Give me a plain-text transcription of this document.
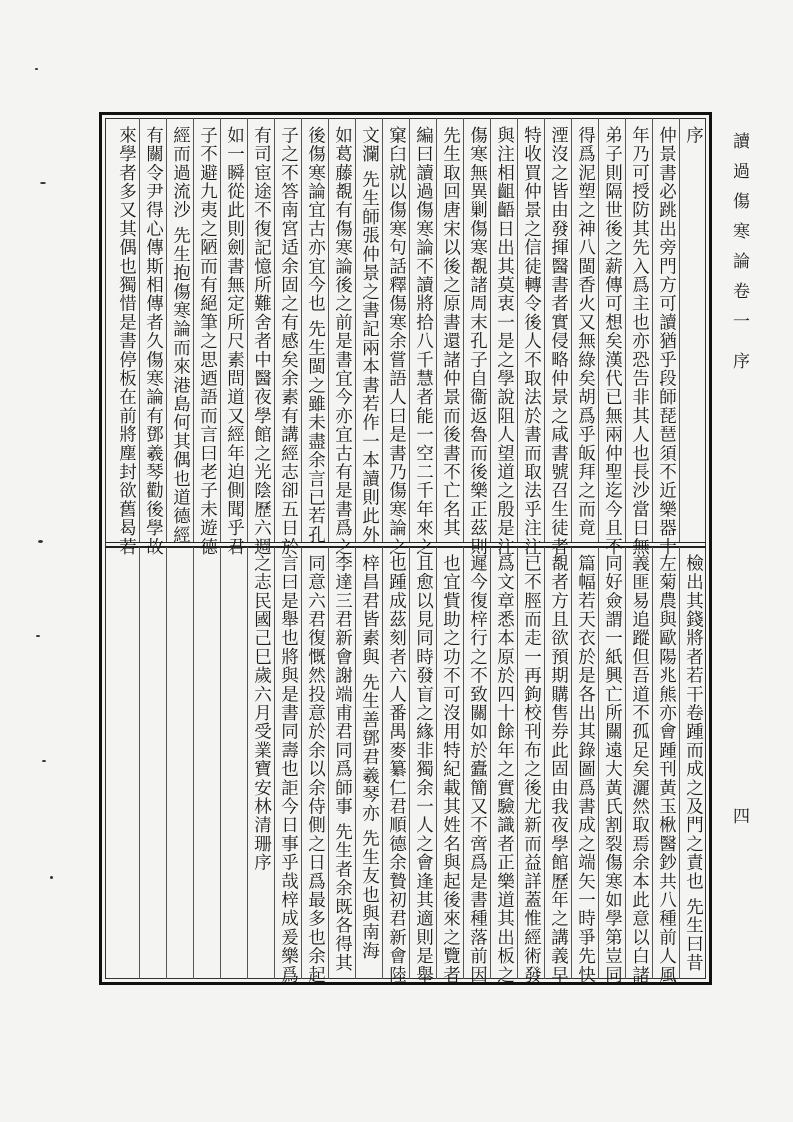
讀過傷寒論卷一
序
四
序
仲景書必跳出旁門方可讀猶乎段師琵琶須不近樂器十
年乃可授防其先入爲主也亦恐告非其人也長沙當日無
弟子則隔世後之薪傳可想矣漢代已無兩仲聖迄今且不
得爲泥塑之神八閩香火又無綠矣胡爲乎皈拜之而竟
湮沒之皆由發揮醫書者實侵略仲景之咸書號召生徒者
特收買仲景之信徒轉令後人不取法於書而取法乎注注
與注相齟齬日出其莫衷一是之學說阻人望道之殷是注
傷寒無異剿傷寒覩諸周末孔子自衞返魯而後樂正茲則
先生取回唐宋以後之原書還諸仲景而後書不亡名其
編曰讀過傷寒論不讀將拾八千慧者能一空二千年來之
窠臼就以傷寒句話釋傷寒余嘗語人曰是書乃傷寒論之
文瀾 先生師張仲景之書記兩本書若作一本讀則此外
如葛藤覩有傷寒論後之前是書宜今亦宜古有是書爲之
後傷寒論宜古亦宜今也 先生閩之雖未盡余言已若孔
子之不答南宮适余固之有感矣余素有講經志卻五日於
有司宦途不復記憶所難舍者中醫夜學館之光陰歷六週
如一瞬從此則劍書無定所尺素問道又經年迫側聞乎君
子不避九夷之陋而有絕筆之思迺語而言曰老子未遊德
經而過流沙 先生抱傷寒論而來港島何其偶也道德經
有關令尹得心傳斯相傳者久傷寒論有鄧羲琴勸後學故
來學者多又其偶也獨惜是書停板在前將塵封欲舊曷若
檢出其錢將者若干卷踵而成之及門之責也 先生曰昔
左菊農與歐陽兆熊亦會踵刊黃玉楸醫鈔共八種前人風
義匪易追蹤但吾道不孤足矣灑然取焉余本此意以白諸
同好僉謂一紙興亡所關遠大黃氏割裂傷寒如學第豈同
篇幅若天衣於是各出其錄圖爲書成之端矢一時爭先快
覩者方且欲預期購售券此固由我夜學館歷年之講義早
已不脛而走一再鉤校刊布之後尤新而益詳蓋惟經術發
爲文章悉本原於四十餘年之實驗識者正樂道其出板之
遲今復梓行之不致關如於蠹簡又不啻爲是書種落前因
也宜貲助之功不可沒用特紀載其姓名與起後來之覽者
且愈以見同時發盲之緣非獨余一人之會逢其適則是舉
也踵成茲刻者六人番禺麥纂仁君順德余贄初君新會陸
梓昌君皆素與 先生善鄧君羲琴亦 先生友也與南海
李達三君新會謝端甫君同爲師事 先生者余既各得其
同意六君復慨然投意於余以余侍側之日爲最多也余起
言曰是舉也將與是書同壽也詎今日事乎哉梓成爰樂爲
之志民國己巳歲六月受業寶安林清珊序
